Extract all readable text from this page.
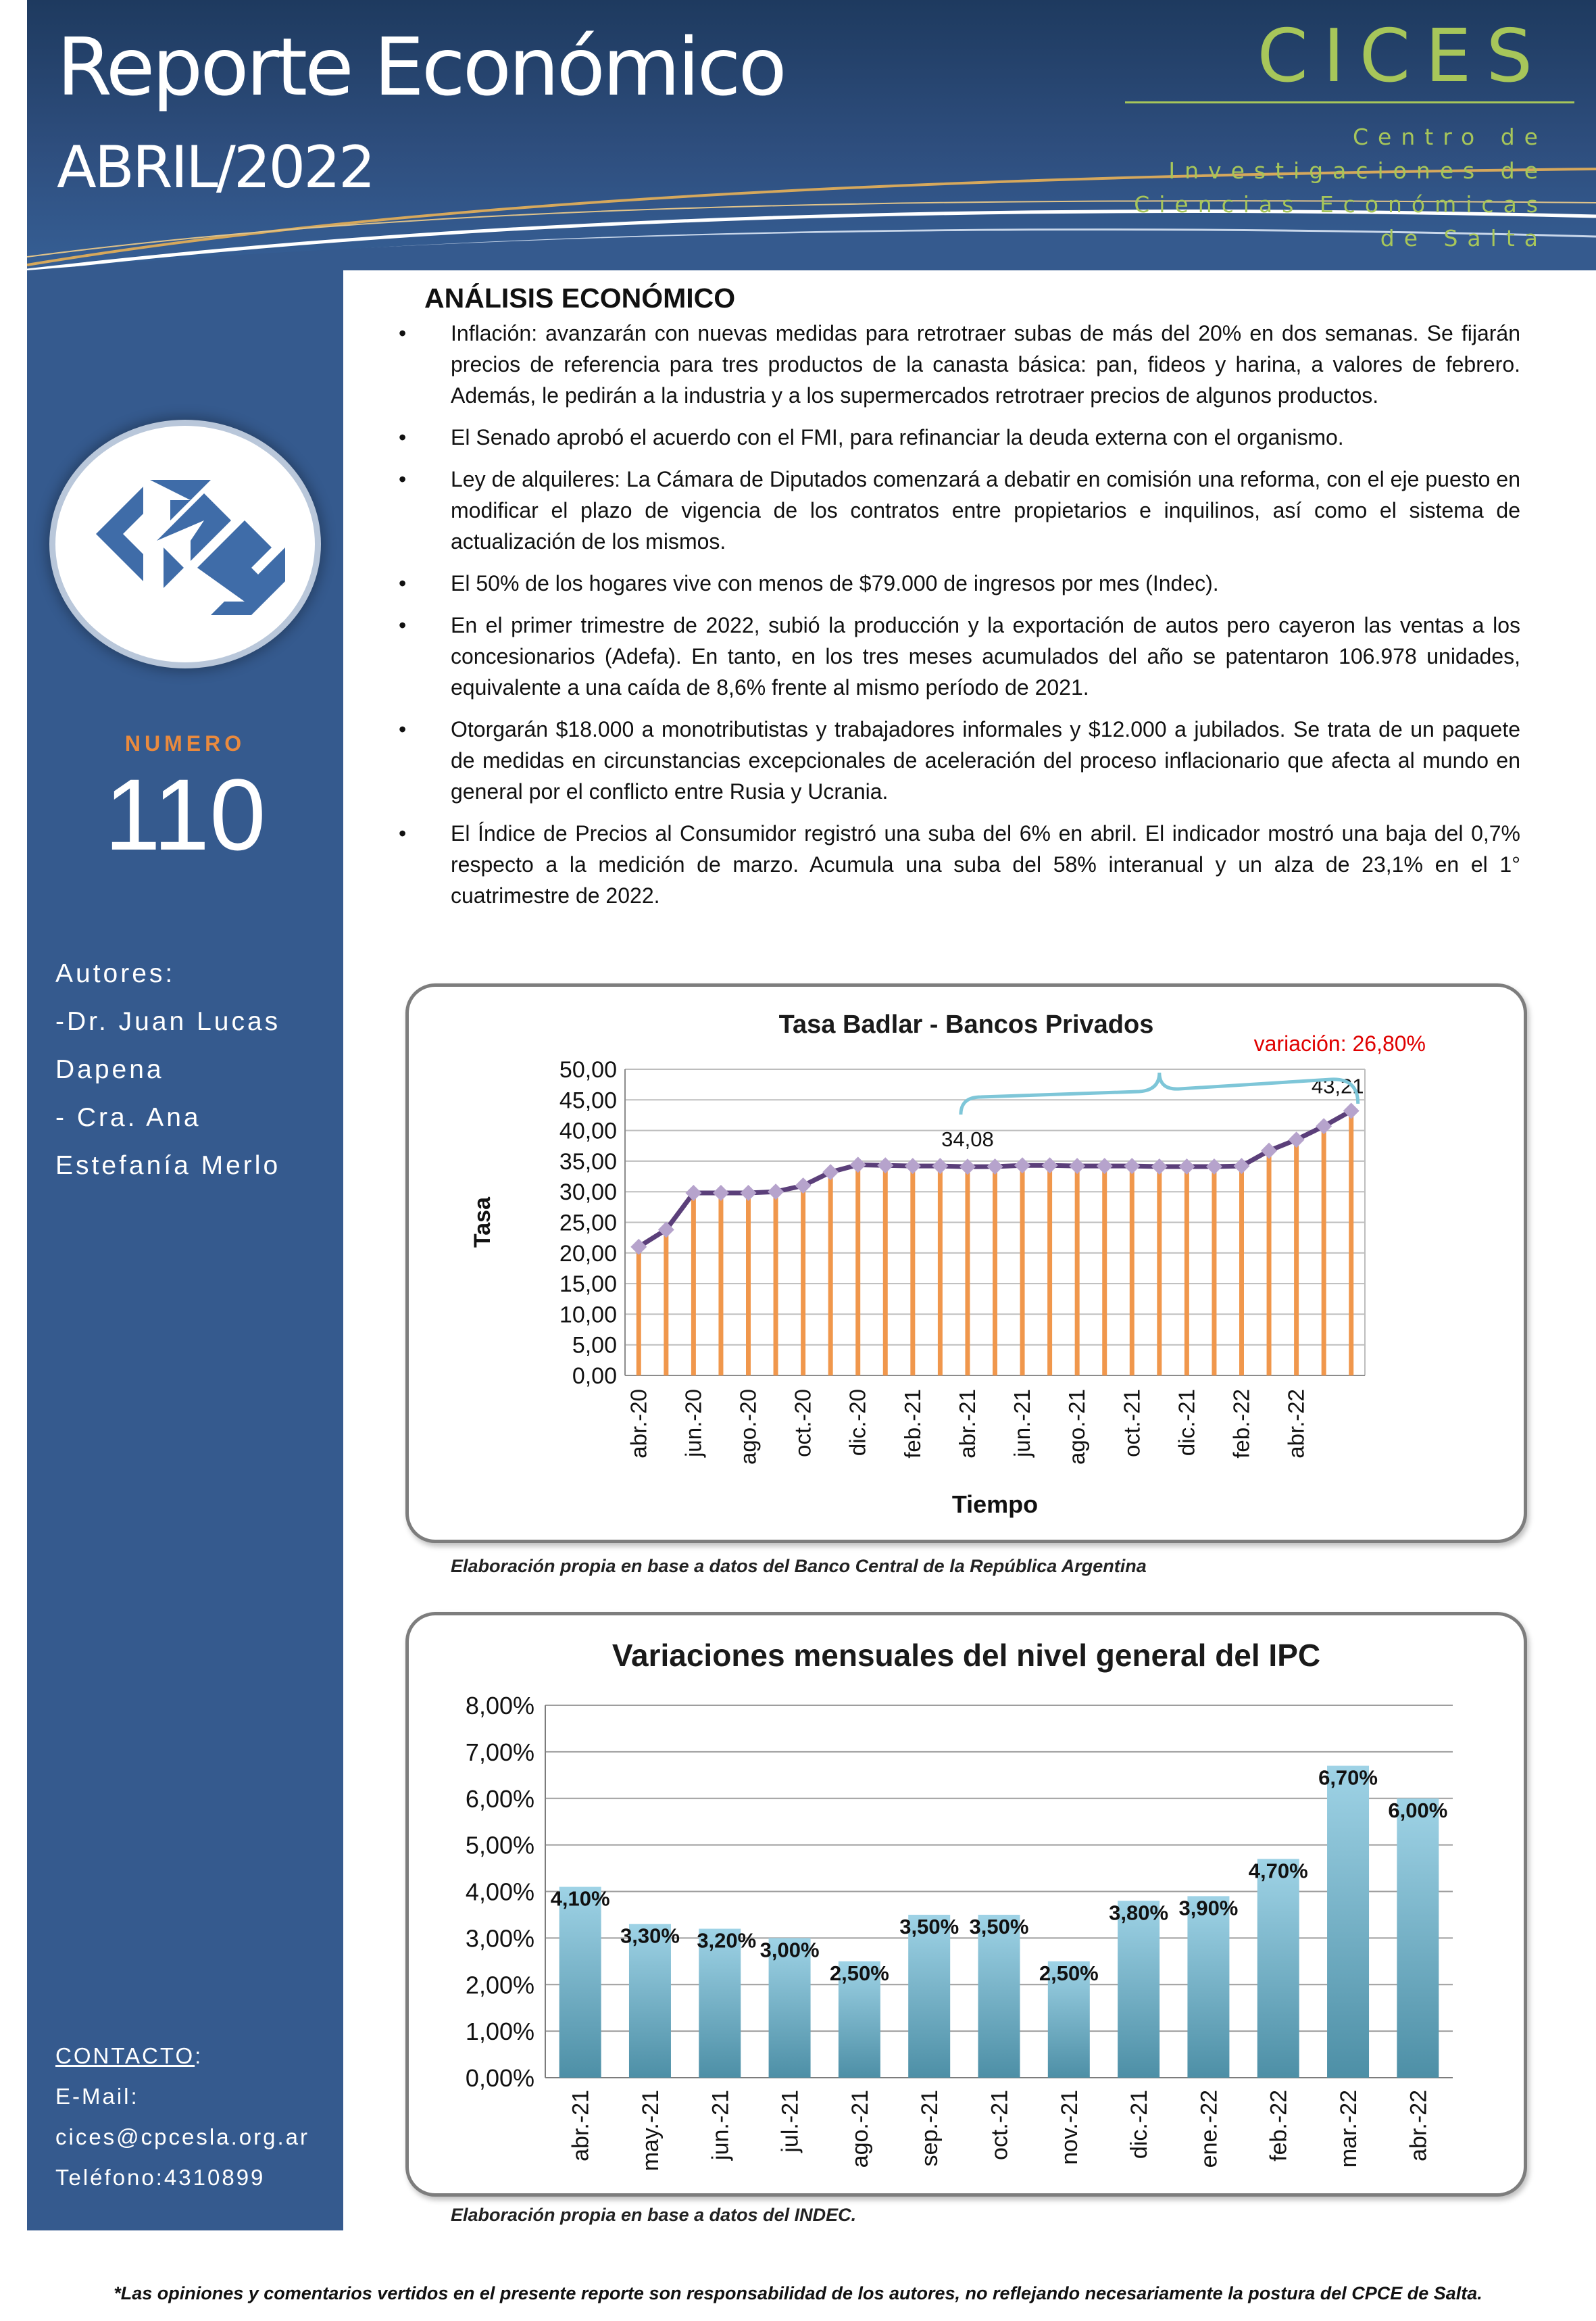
Reporte Económico
ABRIL/2022
CICES
Centro de Investigaciones de Ciencias Económicas de Salta
NUMERO
110
Autores:
-Dr. Juan Lucas
Dapena
- Cra. Ana
Estefanía Merlo
CONTACTO:
E-Mail:
cices@cpcesla.org.ar
Teléfono:4310899
ANÁLISIS ECONÓMICO
• Inflación: avanzarán con nuevas medidas para retrotraer subas de más del 20% en dos semanas. Se fijarán precios de referencia para tres productos de la canasta básica: pan, fideos y harina, a valores de febrero. Además, le pedirán a la industria y a los supermercados retrotraer precios de algunos productos.
• El Senado aprobó el acuerdo con el FMI, para refinanciar la deuda externa con el organismo.
• Ley de alquileres: La Cámara de Diputados comenzará a debatir en comisión una reforma, con el eje puesto en modificar el plazo de vigencia de los contratos entre propietarios e inquilinos, así como el sistema de actualización de los mismos.
• El 50% de los hogares vive con menos de $79.000 de ingresos por mes (Indec).
• En el primer trimestre de 2022, subió la producción y la exportación de autos pero cayeron las ventas a los concesionarios (Adefa). En tanto, en los tres meses acumulados del año se patentaron 106.978 unidades, equivalente a una caída de 8,6% frente al mismo período de 2021.
• Otorgarán $18.000 a monotributistas y trabajadores informales y $12.000 a jubilados. Se trata de un paquete de medidas en circunstancias excepcionales de aceleración del proceso inflacionario que afecta al mundo en general por el conflicto entre Rusia y Ucrania.
• El Índice de Precios al Consumidor registró una suba del 6% en abril. El indicador mostró una baja del 0,7% respecto a la medición de marzo. Acumula una suba del 58% interanual y un alza de 23,1% en el 1° cuatrimestre de 2022.
Tasa Badlar - Bancos Privados
0,00
5,00
10,00
15,00
20,00
25,00
30,00
35,00
40,00
45,00
50,00
abr.-20 jun.-20 ago.-20 oct.-20 dic.-20 feb.-21 abr.-21 jun.-21 ago.-21 oct.-21 dic.-21 feb.-22 abr.-22
Tasa
Tiempo
34,08
43,21
variación: 26,80%
Elaboración propia en base a datos del Banco Central de la República Argentina
Variaciones mensuales del nivel general del IPC
0,00%
1,00%
2,00%
3,00%
4,00%
5,00%
6,00%
7,00%
8,00%
4,10%
abr.-21
3,30%
may.-21
3,20%
jun.-21
3,00%
jul.-21
2,50%
ago.-21
3,50%
sep.-21
3,50%
oct.-21
2,50%
nov.-21
3,80%
dic.-21
3,90%
ene.-22
4,70%
feb.-22
6,70%
mar.-22
6,00%
abr.-22
Elaboración propia en base a datos del INDEC.
*Las opiniones y comentarios vertidos en el presente reporte son responsabilidad de los autores, no reflejando necesariamente la postura del CPCE de Salta.
